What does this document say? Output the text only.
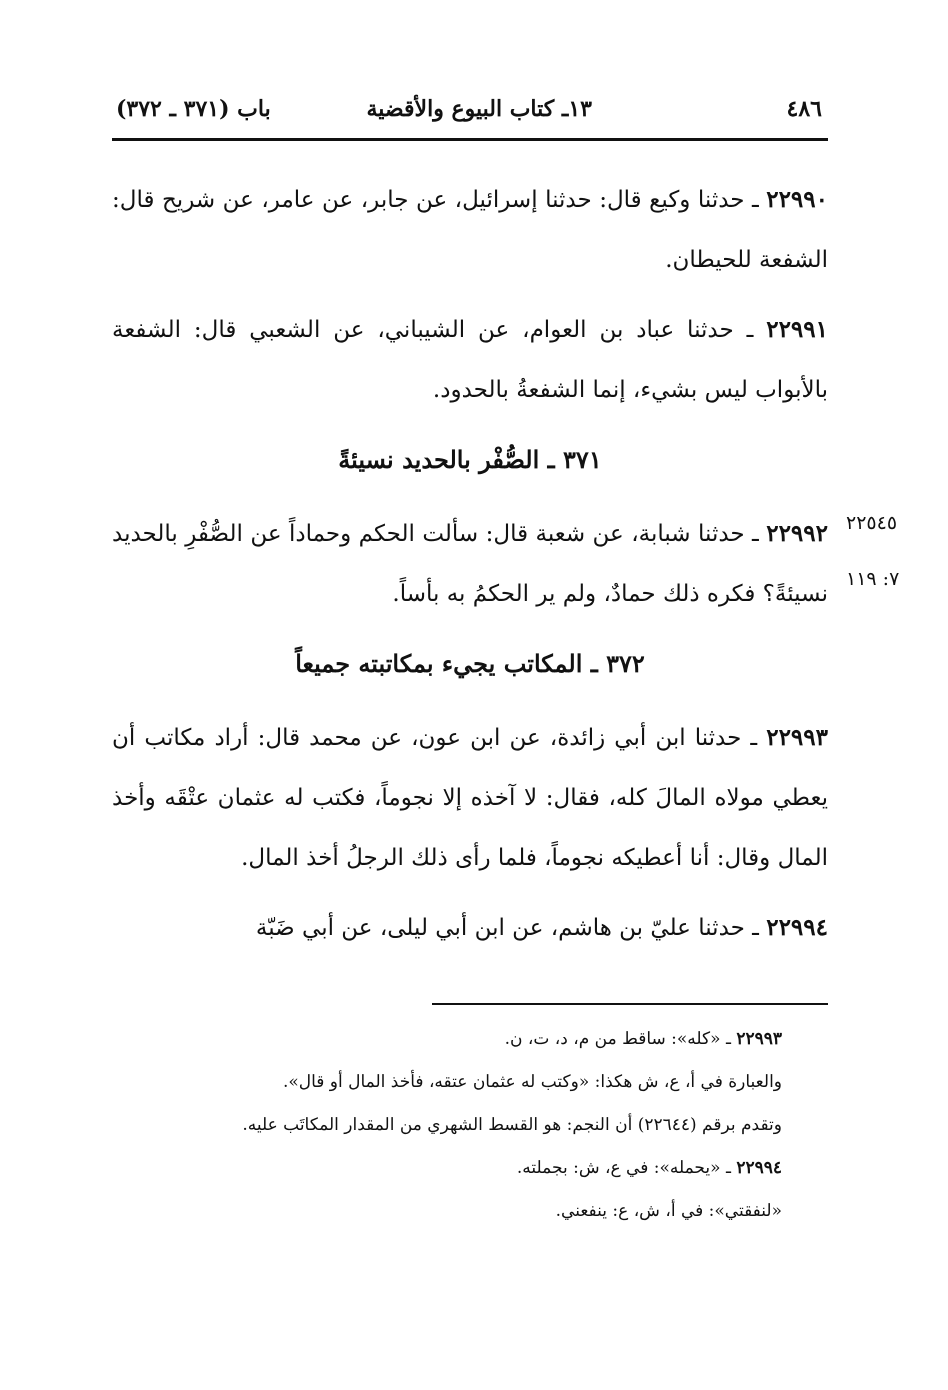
٤٨٦
١٣ـ كتاب البيوع والأقضية
باب (٣٧١ ـ ٣٧٢)
٢٢٥٤٥
٧: ١١٩

٢٢٩٩٠ ـ حدثنا وكيع قال: حدثنا إسرائيل، عن جابر، عن عامر، عن شريح قال: الشفعة للحيطان.

٢٢٩٩١ ـ حدثنا عباد بن العوام، عن الشيباني، عن الشعبي قال: الشفعة بالأبواب ليس بشيء، إنما الشفعةُ بالحدود.

٣٧١ ـ الصُّفْر بالحديد نسيئةً

٢٢٩٩٢ ـ حدثنا شبابة، عن شعبة قال: سألت الحكم وحماداً عن الصُّفْرِ بالحديد نسيئةً؟ فكره ذلك حمادٌ، ولم ير الحكمُ به بأساً.

٣٧٢ ـ المكاتب يجيء بمكاتبته جميعاً

٢٢٩٩٣ ـ حدثنا ابن أبي زائدة، عن ابن عون، عن محمد قال: أراد مكاتب أن يعطي مولاه المالَ كله، فقال: لا آخذه إلا نجوماً، فكتب له عثمان عتْقَه وأخذ المال وقال: أنا أعطيكه نجوماً، فلما رأى ذلك الرجلُ أخذ المال.

٢٢٩٩٤ ـ حدثنا عليّ بن هاشم، عن ابن أبي ليلى، عن أبي ضَبّة

٢٢٩٩٣ ـ «كله»: ساقط من م، د، ت، ن.

والعبارة في أ، ع، ش هكذا: «وكتب له عثمان عتقه، فأخذ المال أو قال».

وتقدم برقم (٢٢٦٤٤) أن النجم: هو القسط الشهري من المقدار المكاتَب عليه.

٢٢٩٩٤ ـ «يحمله»: في ع، ش: بجملته.

«لنفقتي»: في أ، ش، ع: ينفعني.
